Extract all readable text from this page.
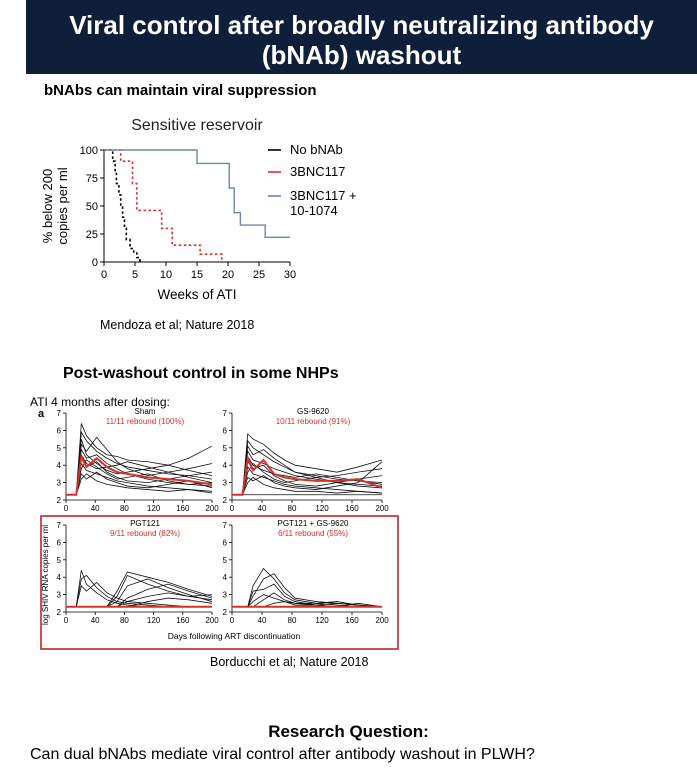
Viral control after broadly neutralizing antibody
(bNAb) washout

bNAbs can maintain viral suppression

Sensitive reservoir
Weeks of ATI
% below 200copies per ml
0
25
50
75
100
0 5 10 15 20 25 30
No bNAb
3BNC117
3BNC117 +
10-1074

Mendoza et al; Nature 2018

Post-washout control in some NHPs

ATI 4 months after dosing:
a
log SHIV RNA copies per ml
Days following ART discontinuation
2
3
4
5
6
7
0	40	80 120 160 200
Sham
11/11 rebound (100%)
2
3
4
5
6
7
0	40	80 120 160 200
GS-9620
10/11 rebound (91%)
2
3
4
5
6
7
0	40	80 120 160 200
PGT121
9/11 rebound (82%)
2
3
4
5
6
7
0	40	80 120 160 200
PGT121 + GS-9620
6/11 rebound (55%)

Borducchi et al; Nature 2018

Research Question:

Can dual bNAbs mediate viral control after antibody washout in PLWH?
